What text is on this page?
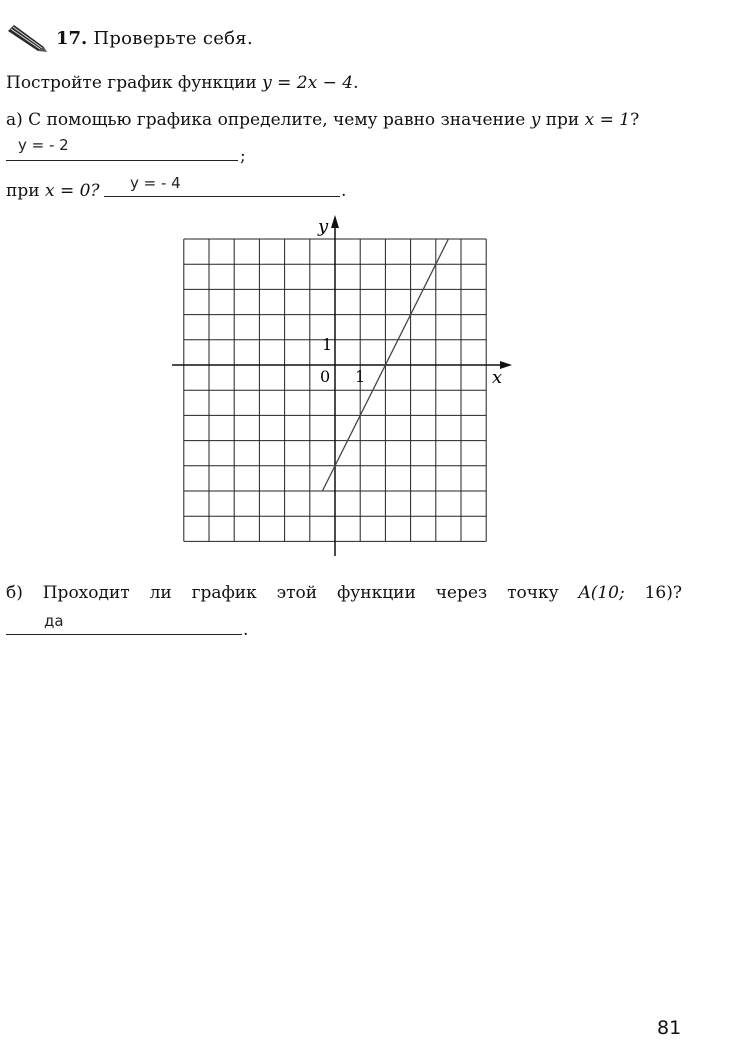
17. Проверьте себя.
Постройте график функции y = 2x − 4.
а) С помощью графика определите, чему равно значение y при x = 1?
y = - 2
;
при x = 0? y = - 4	.
x
y
0 1
1
б) Проходит ли график этой функции через точку A(10; 16)?
да	.
81
